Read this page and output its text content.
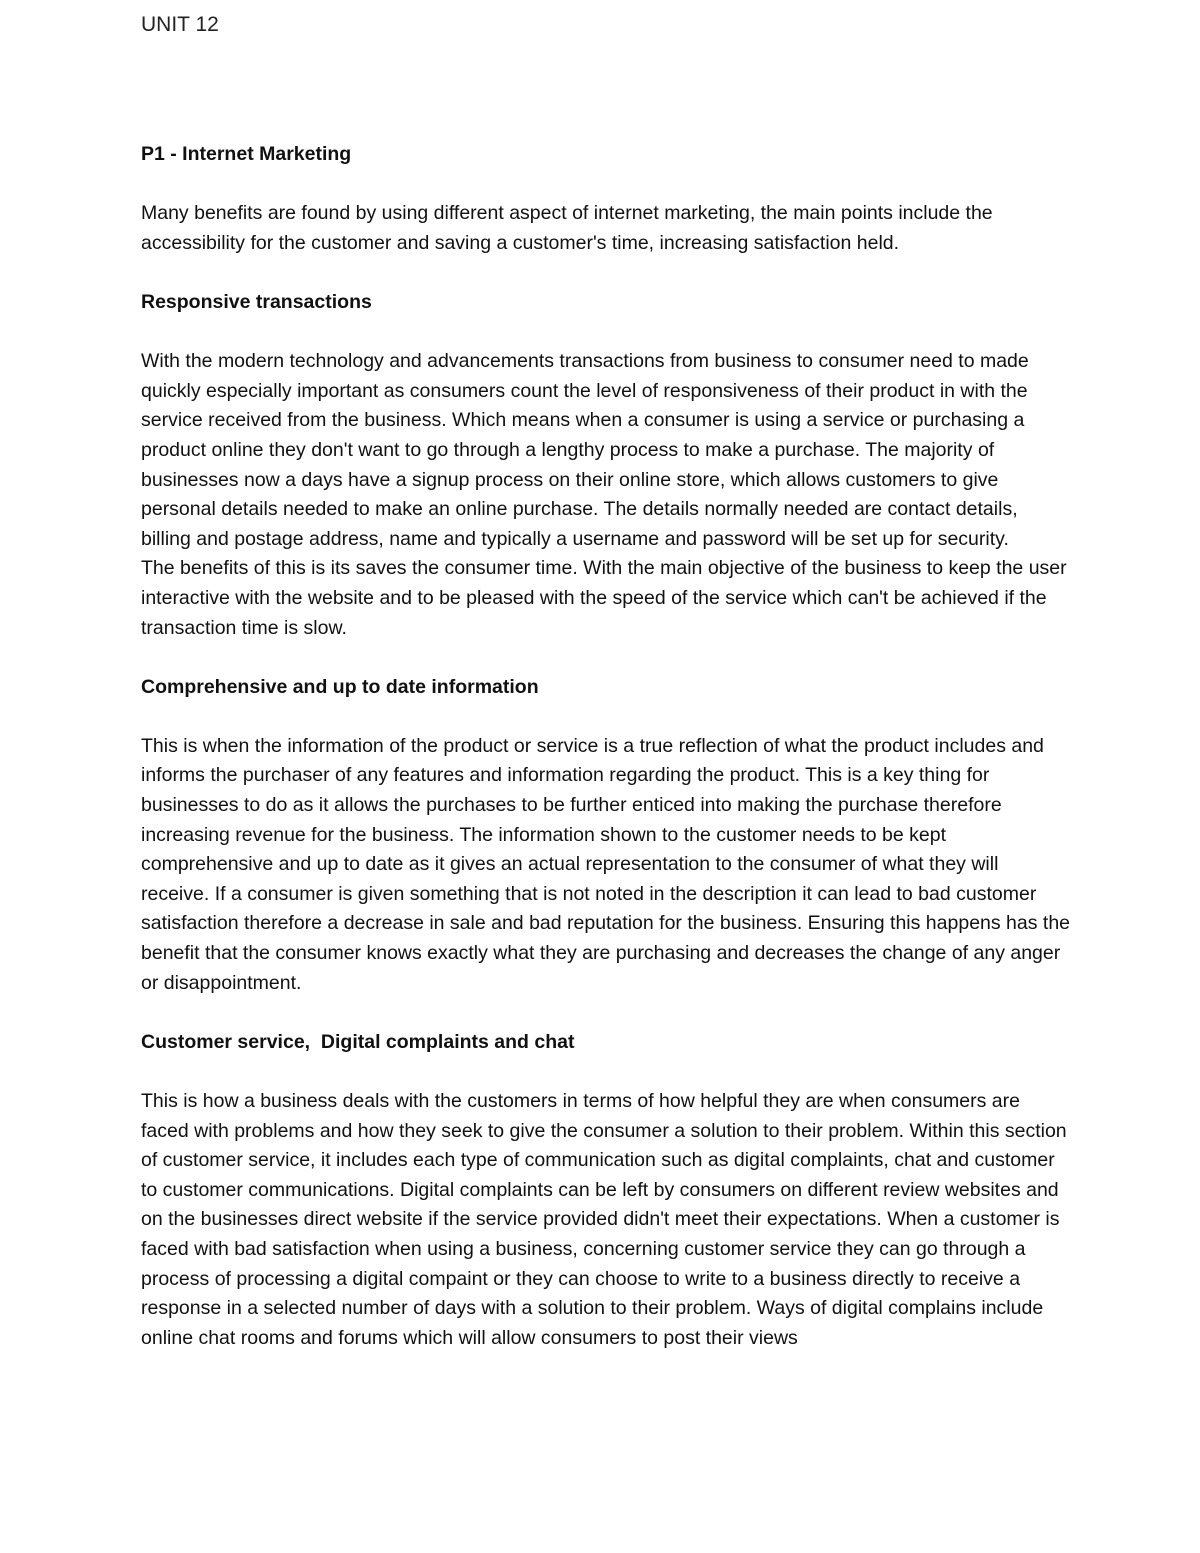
UNIT 12
P1 - Internet Marketing

Many benefits are found by using different aspect of internet marketing, the main points include the accessibility for the customer and saving a customer's time, increasing satisfaction held.

Responsive transactions

With the modern technology and advancements transactions from business to consumer need to made quickly especially important as consumers count the level of responsiveness of their product in with the service received from the business. Which means when a consumer is using a service or purchasing a product online they don't want to go through a lengthy process to make a purchase. The majority of businesses now a days have a signup process on their online store, which allows customers to give personal details needed to make an online purchase. The details normally needed are contact details, billing and postage address, name and typically a username and password will be set up for security.

The benefits of this is its saves the consumer time. With the main objective of the business to keep the user interactive with the website and to be pleased with the speed of the service which can't be achieved if the transaction time is slow.

Comprehensive and up to date information

This is when the information of the product or service is a true reflection of what the product includes and informs the purchaser of any features and information regarding the product. This is a key thing for businesses to do as it allows the purchases to be further enticed into making the purchase therefore increasing revenue for the business. The information shown to the customer needs to be kept comprehensive and up to date as it gives an actual representation to the consumer of what they will receive. If a consumer is given something that is not noted in the description it can lead to bad customer satisfaction therefore a decrease in sale and bad reputation for the business. Ensuring this happens has the benefit that the consumer knows exactly what they are purchasing and decreases the change of any anger or disappointment.

Customer service,  Digital complaints and chat

This is how a business deals with the customers in terms of how helpful they are when consumers are faced with problems and how they seek to give the consumer a solution to their problem. Within this section of customer service, it includes each type of communication such as digital complaints, chat and customer to customer communications. Digital complaints can be left by consumers on different review websites and on the businesses direct website if the service provided didn't meet their expectations. When a customer is faced with bad satisfaction when using a business, concerning customer service they can go through a process of processing a digital compaint or they can choose to write to a business directly to receive a response in a selected number of days with a solution to their problem. Ways of digital complains include online chat rooms and forums which will allow consumers to post their views
